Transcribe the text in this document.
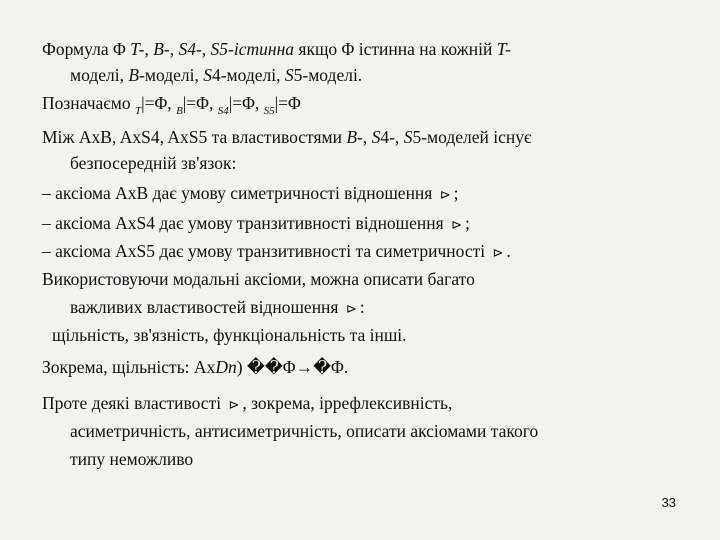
Формула Φ T-, B-, S4-, S5-істинна якщо Φ істинна на кожній T-
моделі, B-моделі, S4-моделі, S5-моделі.
Позначаємо $_T$|=Φ, $_B$|=Φ, $_{S4}$|=Φ, $_{S5}$|=Φ
Між AxB, AxS4, AxS5 та властивостями B-, S4-, S5-моделей існує
безпосередній зв'язок:
– аксіома AxB дає умову симетричності відношення ⊳ ;
– аксіома AxS4 дає умову транзитивності відношення ⊳ ;
– аксіома AxS5 дає умову транзитивності та симетричності ⊳ .
Використовуючи модальні аксіоми, можна описати багато
важливих властивостей відношення ⊳ :
щільність, зв'язність, функціональність та інші.
Зокрема, щільність: AxDn) ��Φ→�Φ.
Проте деякі властивості ⊳ , зокрема, іррефлексивність,
асиметричність, антисиметричність, описати аксіомами такого
типу неможливо
33
